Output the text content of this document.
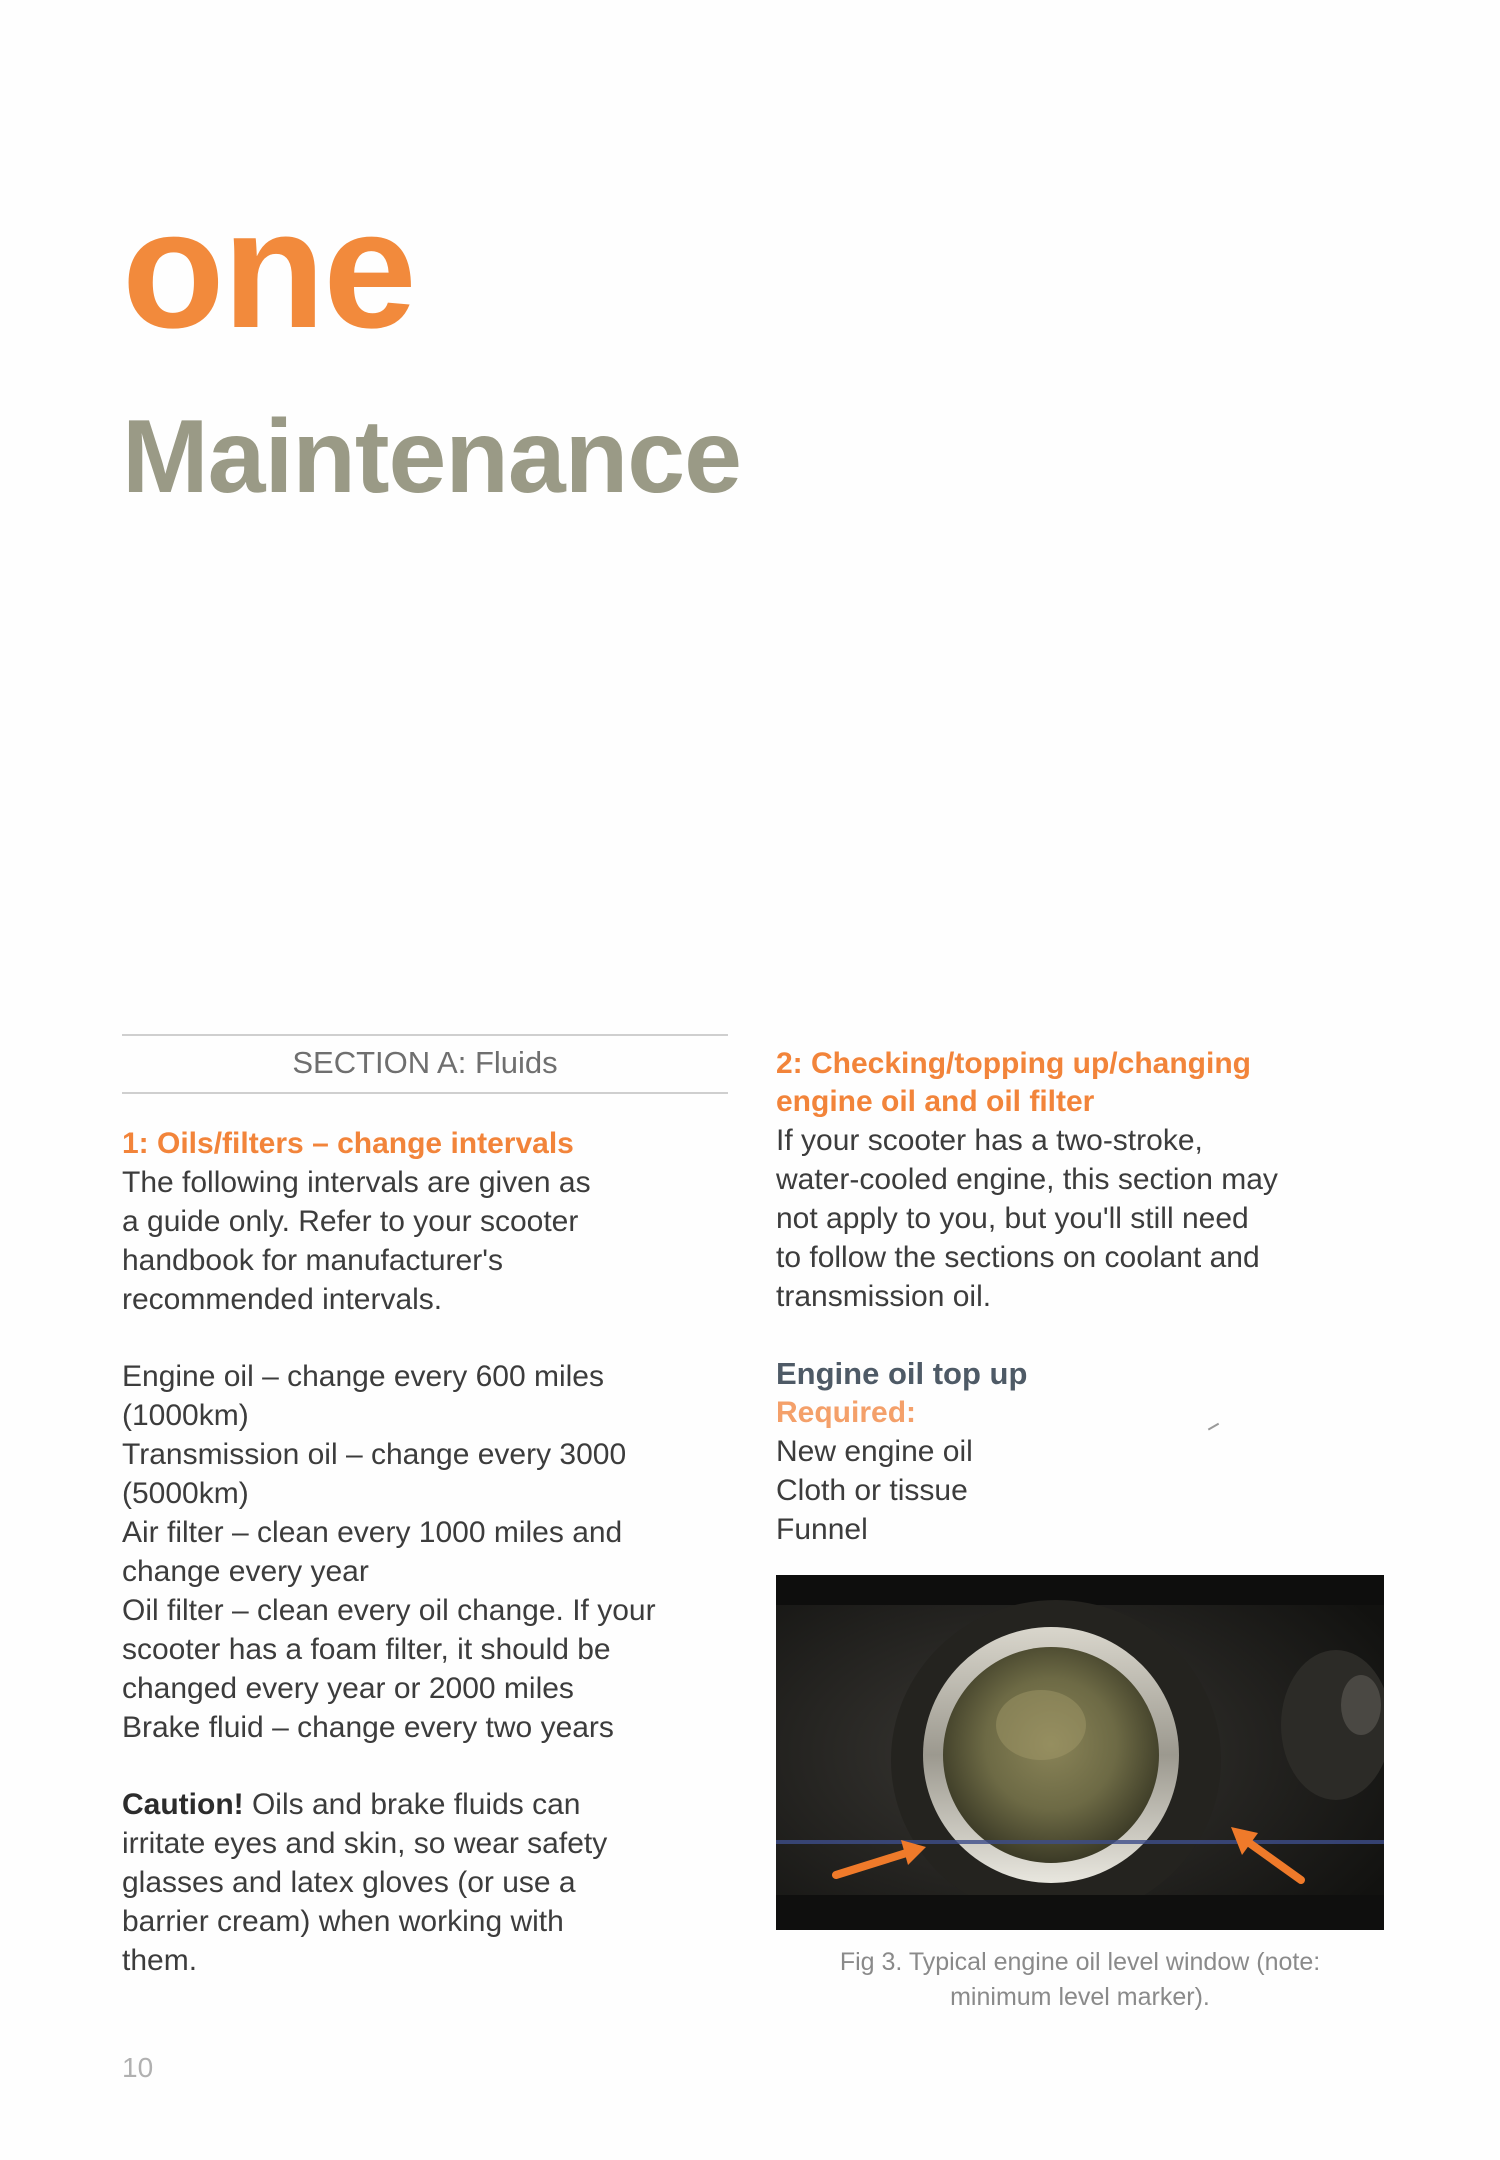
one
Maintenance
SECTION A: Fluids

1: Oils/filters – change intervals

The following intervals are given as

a guide only. Refer to your scooter

handbook for manufacturer's

recommended intervals.

Engine oil – change every 600 miles

(1000km)

Transmission oil – change every 3000

(5000km)

Air filter – clean every 1000 miles and

change every year

Oil filter – clean every oil change. If your

scooter has a foam filter, it should be

changed every year or 2000 miles

Brake fluid – change every two years

Caution! Oils and brake fluids can

irritate eyes and skin, so wear safety

glasses and latex gloves (or use a

barrier cream) when working with

them.

2: Checking/topping up/changing

engine oil and oil filter

If your scooter has a two-stroke,

water-cooled engine, this section may

not apply to you, but you'll still need

to follow the sections on coolant and

transmission oil.

Engine oil top up

Required:

New engine oil

Cloth or tissue

Funnel

Fig 3. Typical engine oil level window (note:
minimum level marker).
10
